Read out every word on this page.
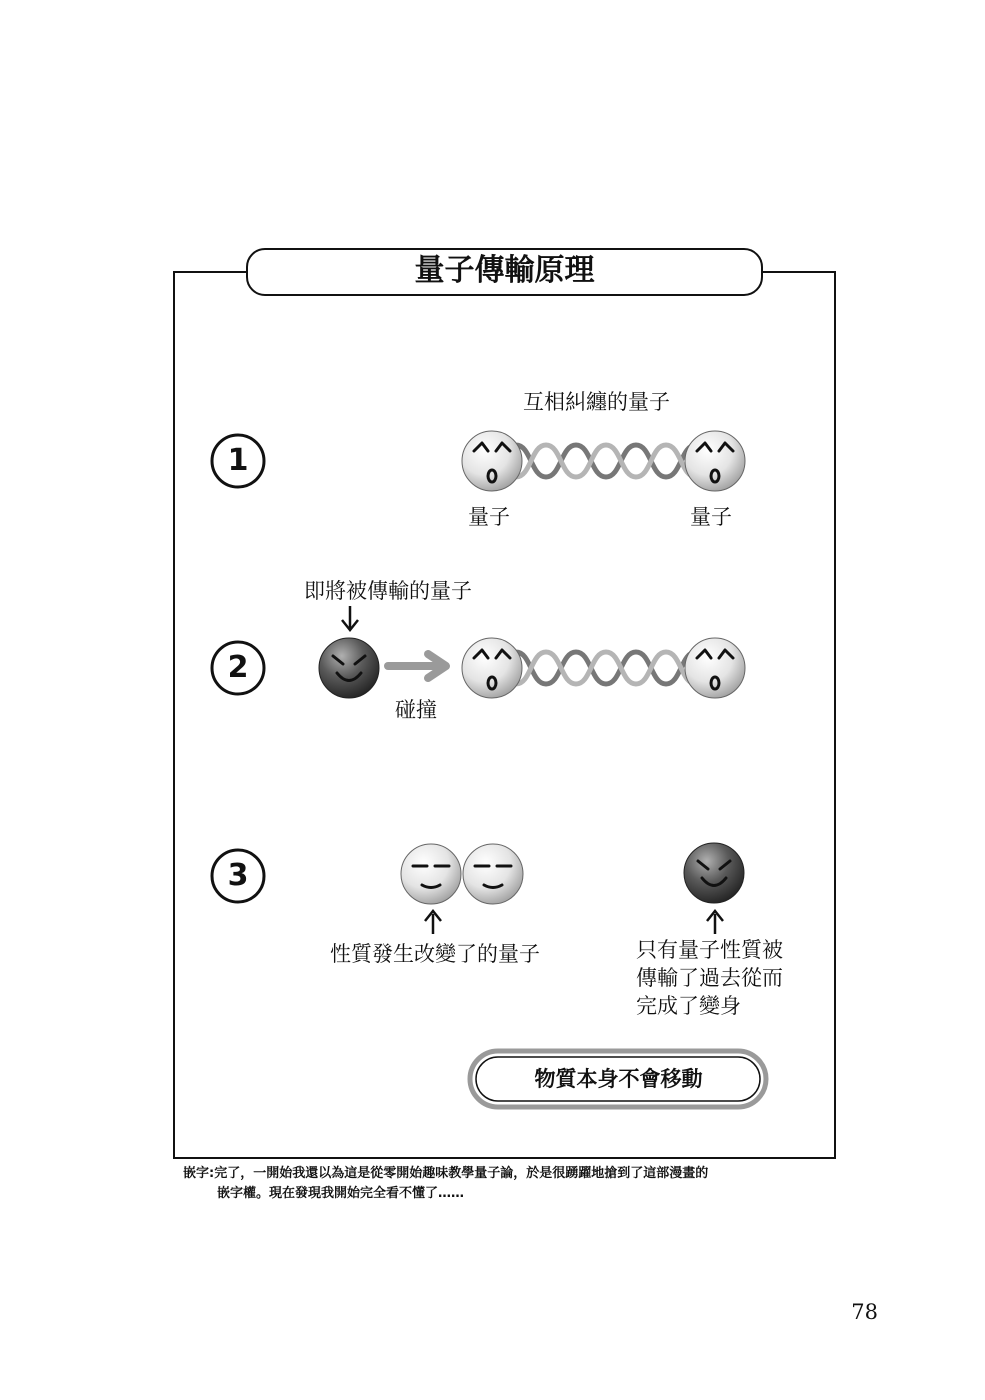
量子傳輸原理
1
2
3
互相糾纏的量子
量子	量子
即將被傳輸的量子
碰撞
性質發生改變了的量子	只有量子性質被
傳輸了過去從而
完成了變身
物質本身不會移動
嵌字:完了，一開始我還以為這是從零開始趣味教學量子論，於是很踴躍地搶到了這部漫畫的
嵌字權。現在發現我開始完全看不懂了……
78
